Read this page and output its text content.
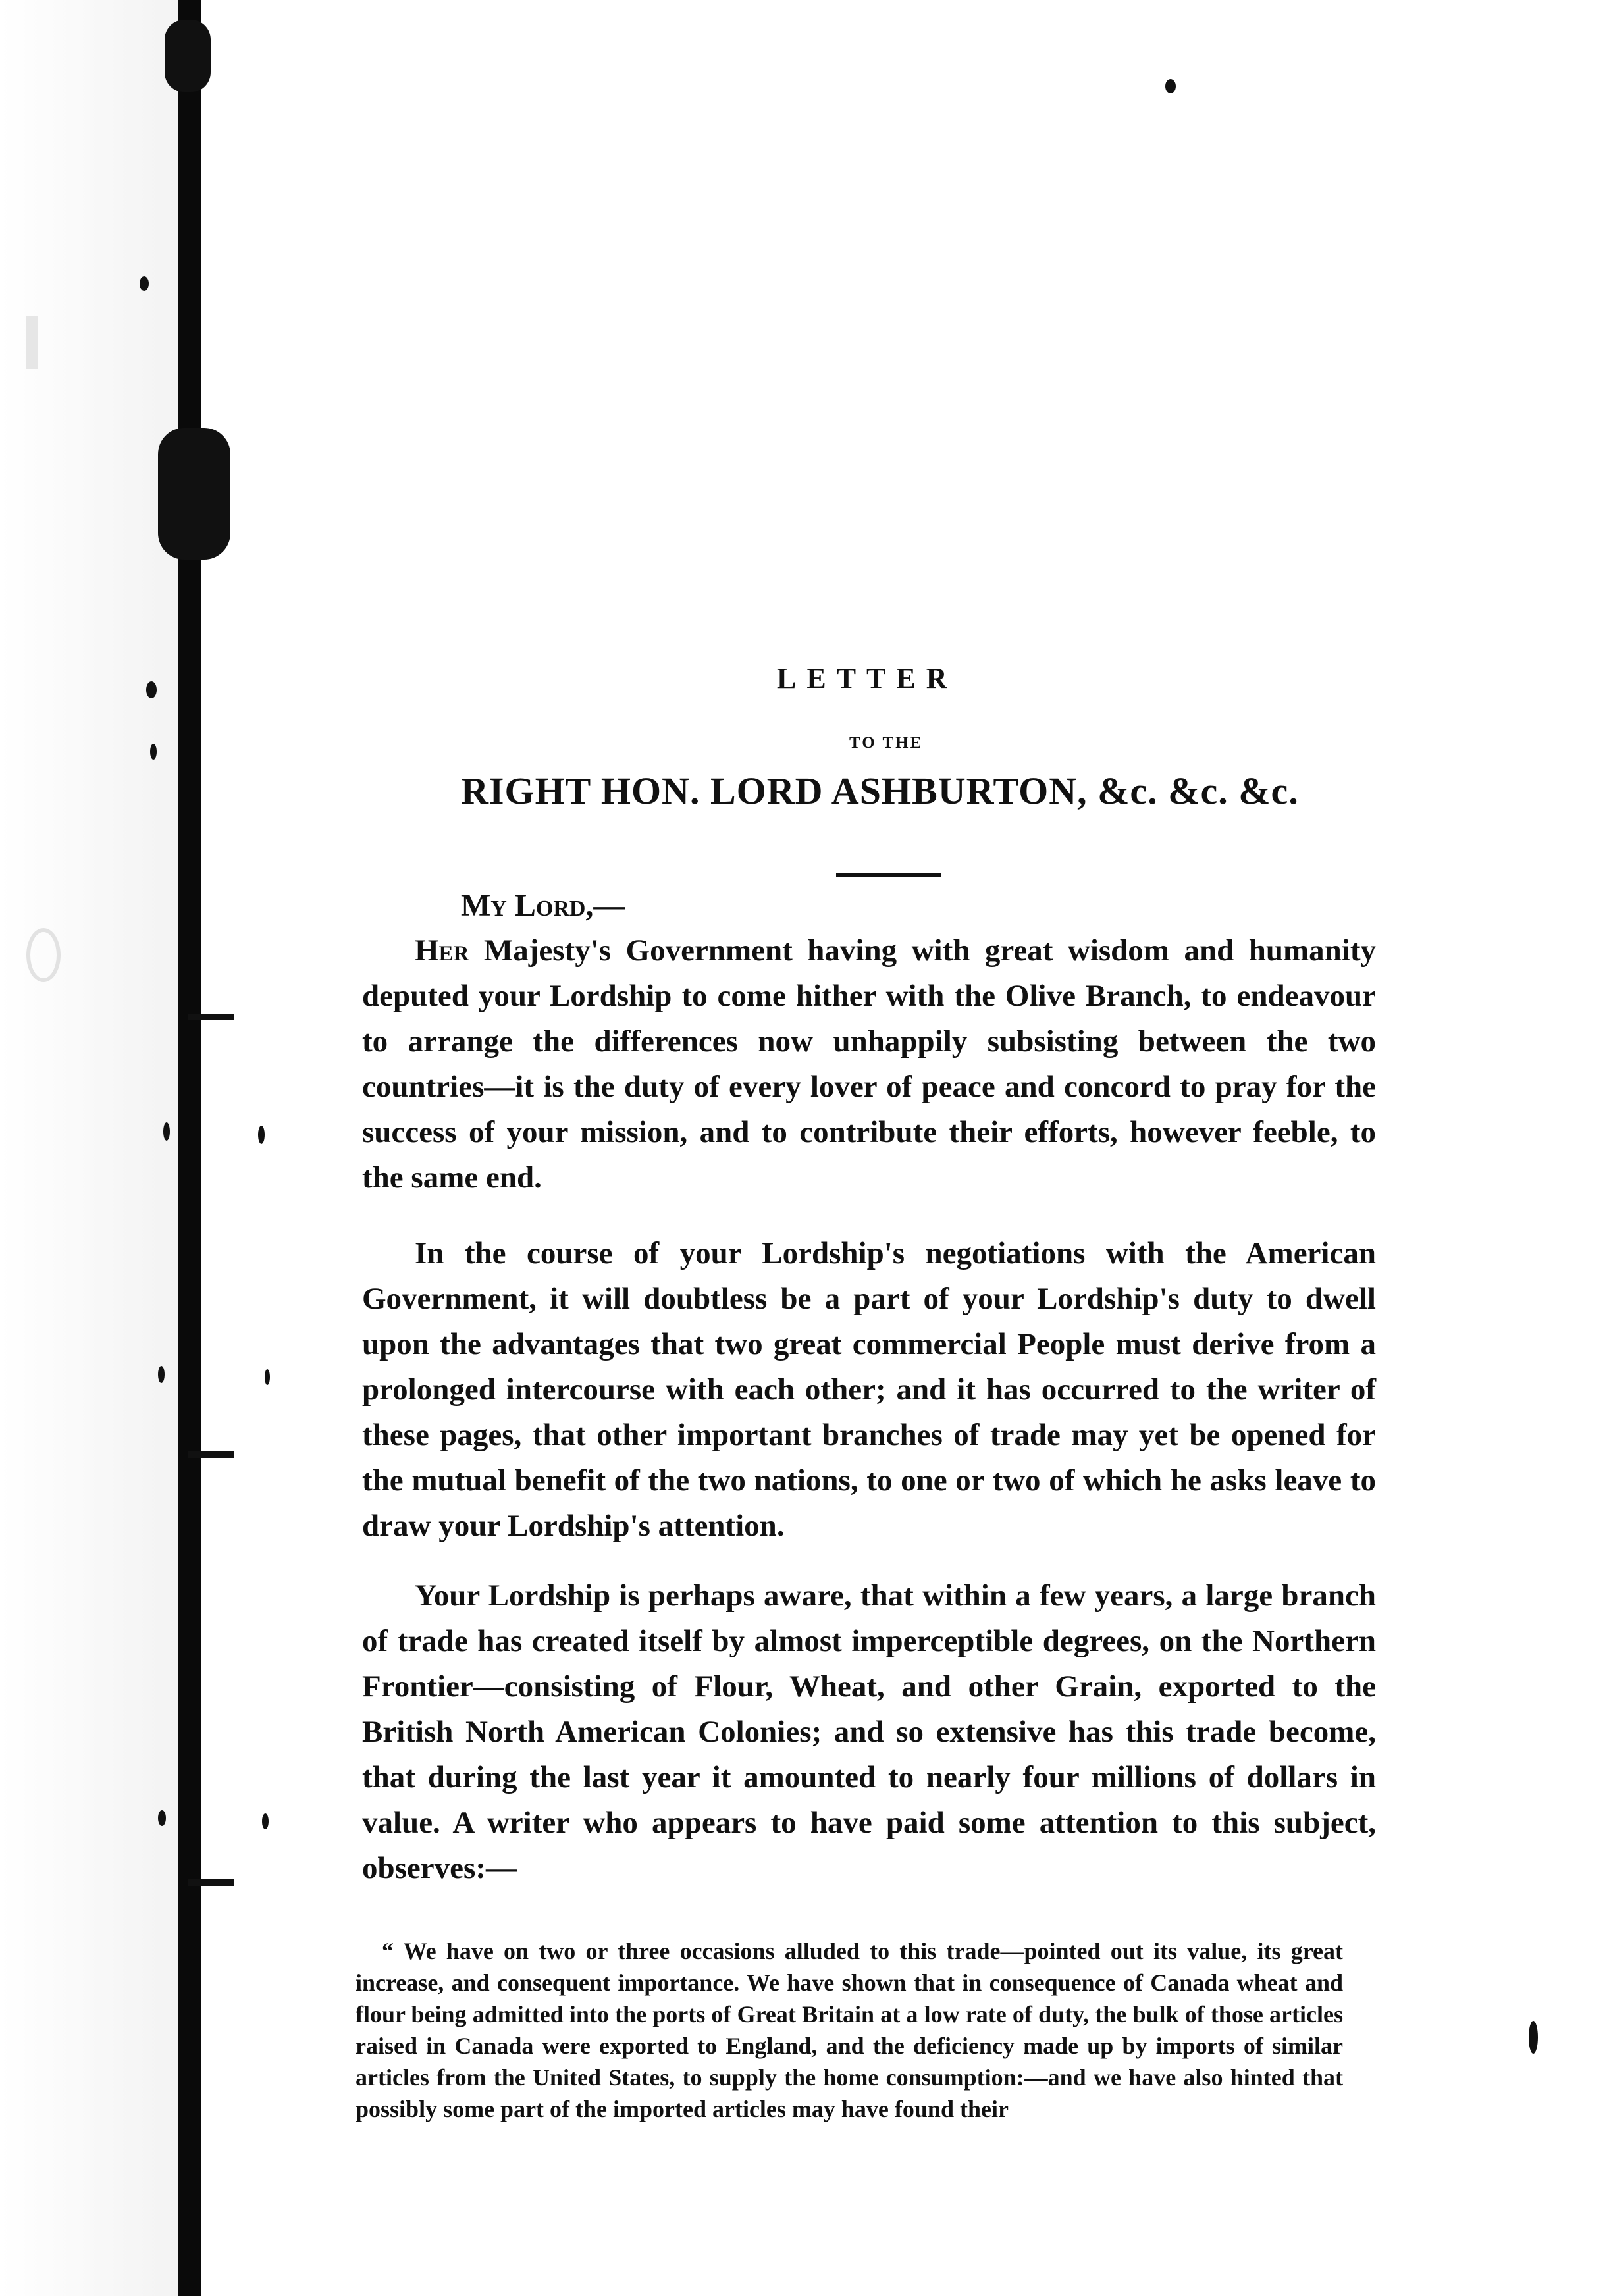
LETTER
TO THE
RIGHT HON. LORD ASHBURTON, &c. &c. &c.
My Lord,—

Her Majesty's Government having with great wisdom and humanity deputed your Lordship to come hither with the Olive Branch, to endeavour to arrange the differences now unhappily subsisting between the two countries—it is the duty of every lover of peace and concord to pray for the success of your mission, and to contribute their efforts, however feeble, to the same end.

In the course of your Lordship's negotiations with the American Government, it will doubtless be a part of your Lordship's duty to dwell upon the advantages that two great commercial People must derive from a prolonged intercourse with each other; and it has occurred to the writer of these pages, that other important branches of trade may yet be opened for the mutual benefit of the two nations, to one or two of which he asks leave to draw your Lordship's attention.

Your Lordship is perhaps aware, that within a few years, a large branch of trade has created itself by almost imperceptible degrees, on the Northern Frontier—consisting of Flour, Wheat, and other Grain, exported to the British North American Colonies; and so extensive has this trade become, that during the last year it amounted to nearly four millions of dollars in value. A writer who appears to have paid some attention to this subject, observes:—

“ We have on two or three occasions alluded to this trade—pointed out its value, its great increase, and consequent importance. We have shown that in consequence of Canada wheat and flour being admitted into the ports of Great Britain at a low rate of duty, the bulk of those articles raised in Canada were exported to England, and the deficiency made up by imports of similar articles from the United States, to supply the home consumption:—and we have also hinted that possibly some part of the imported articles may have found their
